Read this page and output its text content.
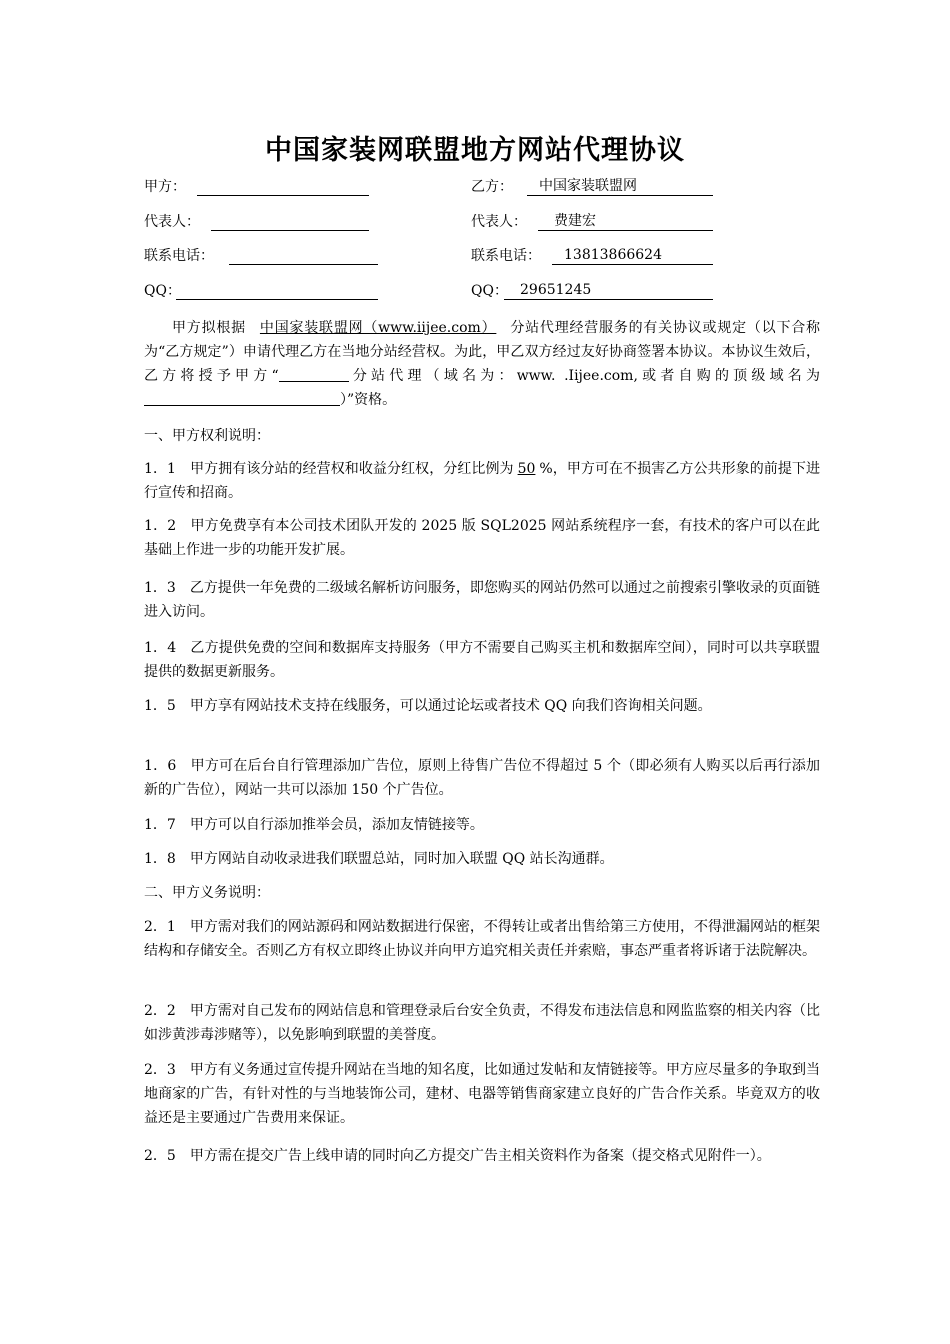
中国家装网联盟地方网站代理协议
甲方：	乙方：	中国家装联盟网
代表人：	代表人：	费建宏
联系电话：	联系电话：	13813866624
QQ：	QQ： 29651245

甲方拟根据 中国家装联盟网（www.iijee.com） 分站代理经营服务的有关协议或规定（以下合称为“乙方规定”）申请代理乙方在当地分站经营权。为此，甲乙双方经过友好协商签署本协议。本协议生效后，乙方将授予甲方“	分站代理（域名为：www. .Iijee.com,或者自购的顶级域名为）”资格。

一、甲方权利说明：

1．1　甲方拥有该分站的经营权和收益分红权，分红比例为 50 %，甲方可在不损害乙方公共形象的前提下进行宣传和招商。

1．2　甲方免费享有本公司技术团队开发的 2025 版 SQL2025 网站系统程序一套，有技术的客户可以在此基础上作进一步的功能开发扩展。

1．3　乙方提供一年免费的二级域名解析访问服务，即您购买的网站仍然可以通过之前搜索引擎收录的页面链进入访问。

1．4　乙方提供免费的空间和数据库支持服务（甲方不需要自己购买主机和数据库空间），同时可以共享联盟提供的数据更新服务。

1．5　甲方享有网站技术支持在线服务，可以通过论坛或者技术 QQ 向我们咨询相关问题。

1．6　甲方可在后台自行管理添加广告位，原则上待售广告位不得超过 5 个（即必须有人购买以后再行添加新的广告位），网站一共可以添加 150 个广告位。

1．7　甲方可以自行添加推举会员，添加友情链接等。

1．8　甲方网站自动收录进我们联盟总站，同时加入联盟 QQ 站长沟通群。

二、甲方义务说明：

2．1　甲方需对我们的网站源码和网站数据进行保密，不得转让或者出售给第三方使用，不得泄漏网站的框架结构和存储安全。否则乙方有权立即终止协议并向甲方追究相关责任并索赔，事态严重者将诉诸于法院解决。

2．2　甲方需对自己发布的网站信息和管理登录后台安全负责，不得发布违法信息和网监监察的相关内容（比如涉黄涉毒涉赌等），以免影响到联盟的美誉度。

2．3　甲方有义务通过宣传提升网站在当地的知名度，比如通过发帖和友情链接等。甲方应尽量多的争取到当地商家的广告，有针对性的与当地装饰公司，建材、电器等销售商家建立良好的广告合作关系。毕竟双方的收益还是主要通过广告费用来保证。

2．5　甲方需在提交广告上线申请的同时向乙方提交广告主相关资料作为备案（提交格式见附件一）。
